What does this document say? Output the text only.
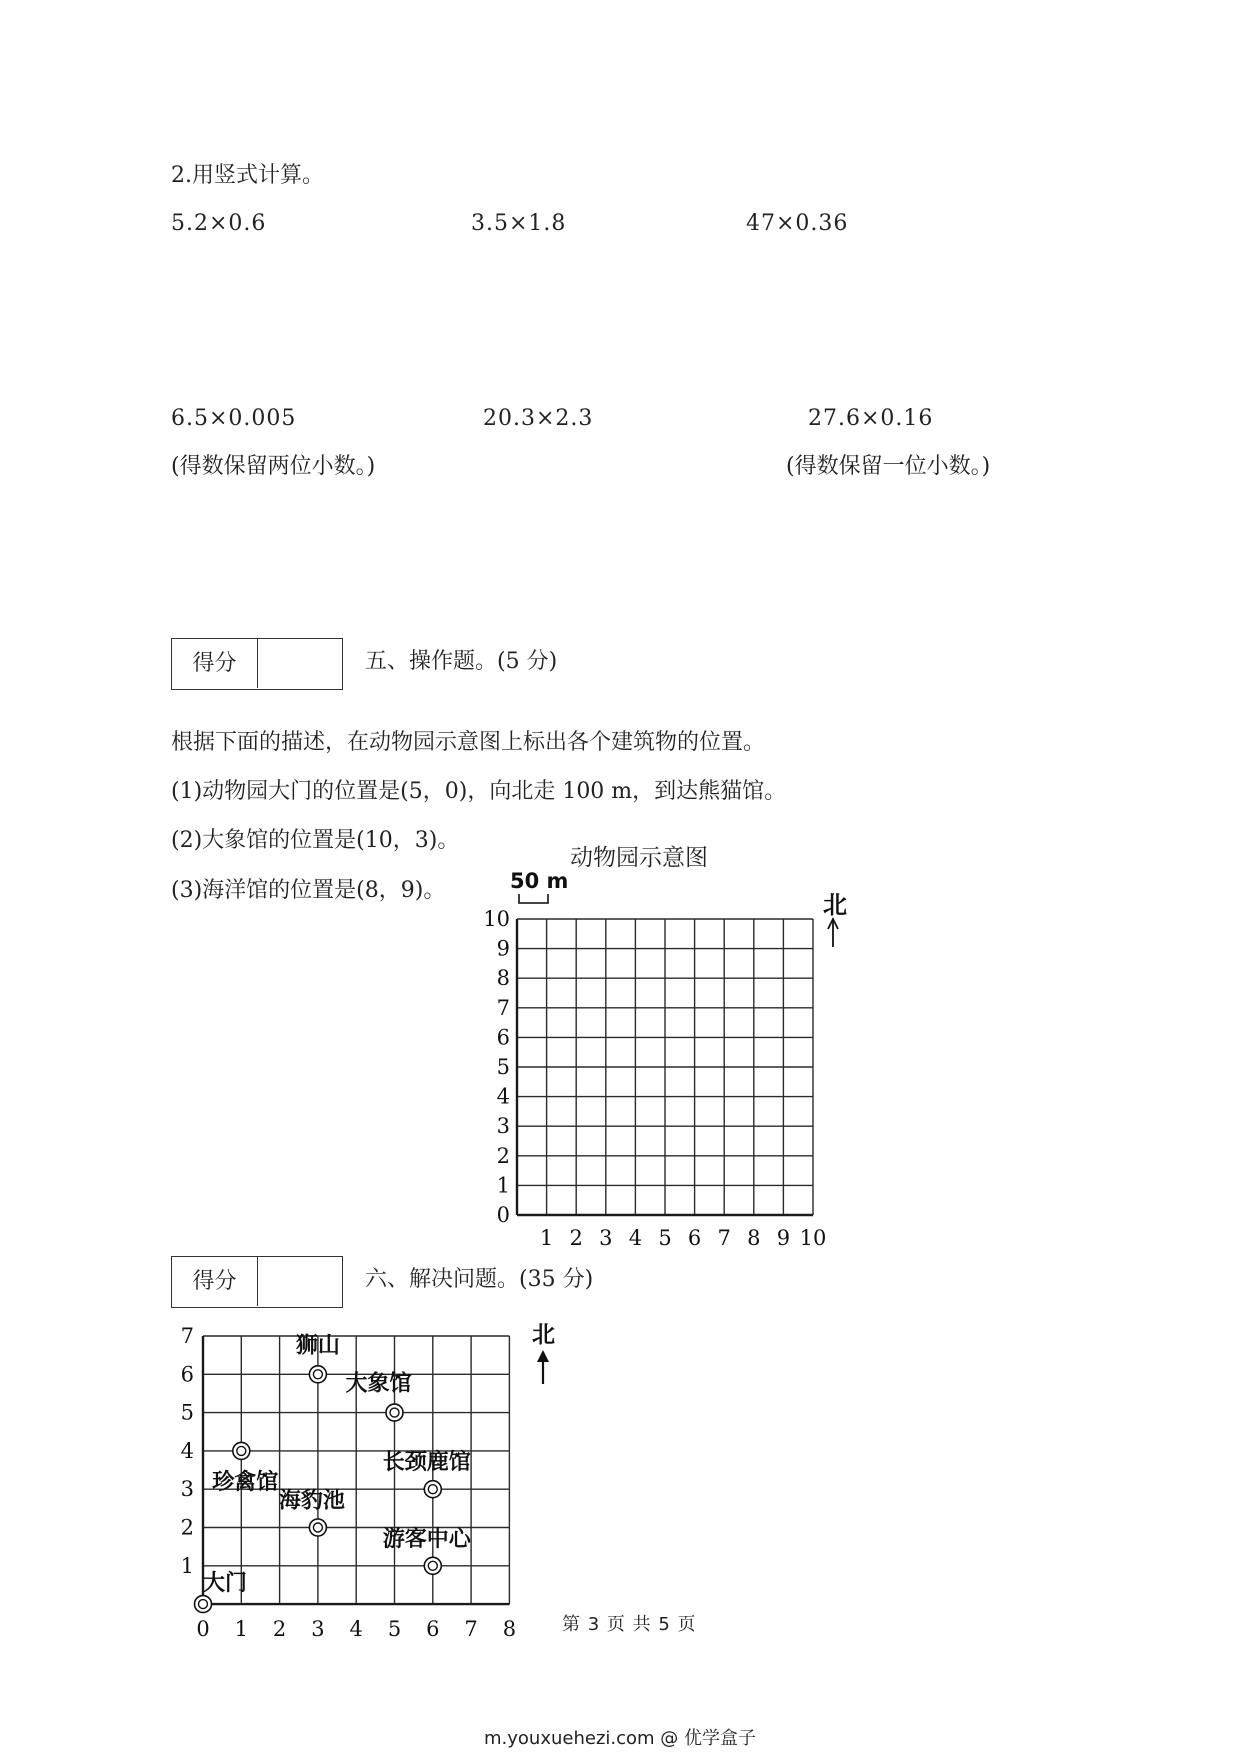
2.用竖式计算。
5.2×0.6	3.5×1.8	47×0.36
6.5×0.005	20.3×2.3	27.6×0.16
(得数保留两位小数。)	(得数保留一位小数。)
得分	五、操作题。(5 分)
根据下面的描述，在动物园示意图上标出各个建筑物的位置。
(1)动物园大门的位置是(5，0)，向北走 100 m，到达熊猫馆。
(2)大象馆的位置是(10，3)。
(3)海洋馆的位置是(8，9)。
动物园示意图
50 m
北
10
9
8
7
6
5
4
3
2
1
0
1 2 3 4 5 6 7 8 9 10
得分	六、解决问题。(35 分)
7
6
5
4
3
2
1
0 1 2 3 4 5 6 7 8
狮山
大象馆
珍禽馆
长颈鹿馆
海豹池
游客中心
大门
北
第 3 页 共 5 页
m.youxuehezi.com @ 优学盒子
